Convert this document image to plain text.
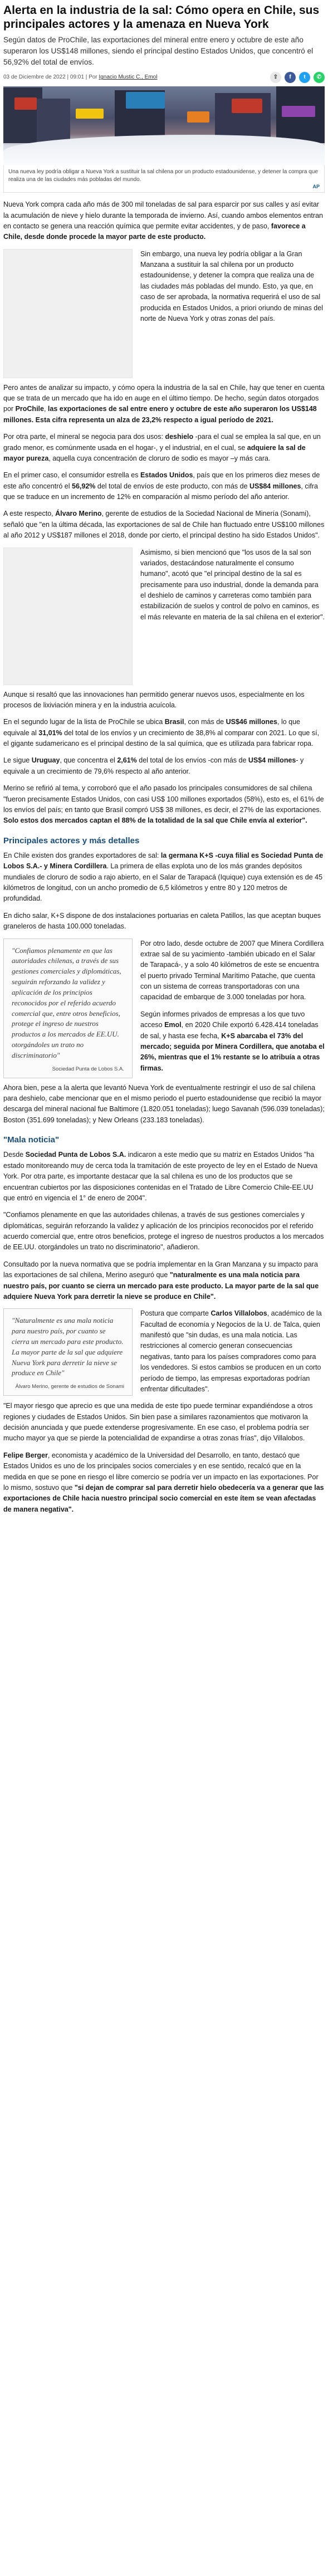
Alerta en la industria de la sal: Cómo opera en Chile, sus principales actores y la amenaza en Nueva York

Según datos de ProChile, las exportaciones del mineral entre enero y octubre de este año superaron los US$148 millones, siendo el principal destino Estados Unidos, que concentró el 56,92% del total de envíos.

03 de Diciembre de 2022 | 09:01 | Por Ignacio Mustic C., Emol	⇪	f	t	✆
Una nueva ley podría obligar a Nueva York a sustituir la sal chilena por un producto estadounidense, y detener la compra que realiza una de las ciudades más pobladas del mundo.
AP

Nueva York compra cada año más de 300 mil toneladas de sal para esparcir por sus calles y así evitar la acumulación de nieve y hielo durante la temporada de invierno. Así, cuando ambos elementos entran en contacto se genera una reacción química que permite evitar accidentes, y de paso, favorece a Chile, desde donde procede la mayor parte de este producto.

Sin embargo, una nueva ley podría obligar a la Gran Manzana a sustituir la sal chilena por un producto estadounidense, y detener la compra que realiza una de las ciudades más pobladas del mundo. Esto, ya que, en caso de ser aprobada, la normativa requerirá el uso de sal producida en Estados Unidos, a priori oriundo de minas del norte de Nueva York y otras zonas del país.

Pero antes de analizar su impacto, y cómo opera la industria de la sal en Chile, hay que tener en cuenta que se trata de un mercado que ha ido en auge en el último tiempo. De hecho, según datos otorgados por ProChile, las exportaciones de sal entre enero y octubre de este año superaron los US$148 millones. Esta cifra representa un alza de 23,2% respecto a igual período de 2021.

Por otra parte, el mineral se negocia para dos usos: deshielo -para el cual se emplea la sal que, en un grado menor, es comúnmente usada en el hogar-, y el industrial, en el cual, se adquiere la sal de mayor pureza, aquella cuya concentración de cloruro de sodio es mayor –y más cara.

En el primer caso, el consumidor estrella es Estados Unidos, país que en los primeros diez meses de este año concentró el 56,92% del total de envíos de este producto, con más de US$84 millones, cifra que se traduce en un incremento de 12% en comparación al mismo período del año anterior.

A este respecto, Álvaro Merino, gerente de estudios de la Sociedad Nacional de Minería (Sonami), señaló que "en la última década, las exportaciones de sal de Chile han fluctuado entre US$100 millones al año 2012 y US$187 millones el 2018, donde por cierto, el principal destino ha sido Estados Unidos".

Asimismo, si bien mencionó que "los usos de la sal son variados, destacándose naturalmente el consumo humano", acotó que "el principal destino de la sal es precisamente para uso industrial, donde la demanda para el deshielo de caminos y carreteras como también para estabilización de suelos y control de polvo en caminos, es el más relevante en materia de la sal chilena en el exterior".

Aunque si resaltó que las innovaciones han permitido generar nuevos usos, especialmente en los procesos de lixiviación minera y en la industria acuícola.

En el segundo lugar de la lista de ProChile se ubica Brasil, con más de US$46 millones, lo que equivale al 31,01% del total de los envíos y un crecimiento de 38,8% al comparar con 2021. Lo que sí, el gigante sudamericano es el principal destino de la sal química, que es utilizada para fabricar ropa.

Le sigue Uruguay, que concentra el 2,61% del total de los envíos -con más de US$4 millones- y equivale a un crecimiento de 79,6% respecto al año anterior.

Merino se refirió al tema, y corroboró que el año pasado los principales consumidores de sal chilena "fueron precisamente Estados Unidos, con casi US$ 100 millones exportados (58%), esto es, el 61% de los envíos del país; en tanto que Brasil compró US$ 38 millones, es decir, el 27% de las exportaciones. Solo estos dos mercados captan el 88% de la totalidad de la sal que Chile envía al exterior".

Principales actores y más detalles

En Chile existen dos grandes exportadores de sal: la germana K+S -cuya filial es Sociedad Punta de Lobos S.A.- y Minera Cordillera. La primera de ellas explota uno de los más grandes depósitos mundiales de cloruro de sodio a rajo abierto, en el Salar de Tarapacá (Iquique) cuya extensión es de 45 kilómetros de longitud, con un ancho promedio de 6,5 kilómetros y entre 80 y 120 metros de profundidad.

En dicho salar, K+S dispone de dos instalaciones portuarias en caleta Patillos, las que aceptan buques graneleros de hasta 100.000 toneladas.

"Confiamos plenamente en que las autoridades chilenas, a través de sus gestiones comerciales y diplomáticas, seguirán reforzando la validez y aplicación de los principios reconocidos por el referido acuerdo comercial que, entre otros beneficios, protege el ingreso de nuestros productos a los mercados de EE.UU. otorgándoles un trato no discriminatorio"
Sociedad Punta de Lobos S.A.

Por otro lado, desde octubre de 2007 que Minera Cordillera extrae sal de su yacimiento -también ubicado en el Salar de Tarapacá-, y a solo 40 kilómetros de este se encuentra el puerto privado Terminal Marítimo Patache, que cuenta con un sistema de correas transportadoras con una capacidad de embarque de 3.000 toneladas por hora.

Según informes privados de empresas a los que tuvo acceso Emol, en 2020 Chile exportó 6.428.414 toneladas de sal, y hasta ese fecha, K+S abarcaba el 73% del mercado; seguida por Minera Cordillera, que anotaba el 26%, mientras que el 1% restante se lo atribuía a otras firmas.

Ahora bien, pese a la alerta que levantó Nueva York de eventualmente restringir el uso de sal chilena para deshielo, cabe mencionar que en el mismo periodo el puerto estadounidense que recibió la mayor descarga del mineral nacional fue Baltimore (1.820.051 toneladas); luego Savanah (596.039 toneladas); Boston (351.699 toneladas); y New Orleans (233.183 toneladas).

"Mala noticia"

Desde Sociedad Punta de Lobos S.A. indicaron a este medio que su matriz en Estados Unidos "ha estado monitoreando muy de cerca toda la tramitación de este proyecto de ley en el Estado de Nueva York. Por otra parte, es importante destacar que la sal chilena es uno de los productos que se encuentran cubiertos por las disposiciones contenidas en el Tratado de Libre Comercio Chile-EE.UU que entró en vigencia el 1° de enero de 2004".

"Confiamos plenamente en que las autoridades chilenas, a través de sus gestiones comerciales y diplomáticas, seguirán reforzando la validez y aplicación de los principios reconocidos por el referido acuerdo comercial que, entre otros beneficios, protege el ingreso de nuestros productos a los mercados de EE.UU. otorgándoles un trato no discriminatorio", añadieron.

Consultado por la nueva normativa que se podría implementar en la Gran Manzana y su impacto para las exportaciones de sal chilena, Merino aseguró que "naturalmente es una mala noticia para nuestro país, por cuanto se cierra un mercado para este producto. La mayor parte de la sal que adquiere Nueva York para derretir la nieve se produce en Chile".

"Naturalmente es una mala noticia para nuestro país, por cuanto se cierra un mercado para este producto. La mayor parte de la sal que adquiere Nueva York para derretir la nieve se produce en Chile"
Álvaro Merino, gerente de estudios de Sonami

Postura que comparte Carlos Villalobos, académico de la Facultad de economía y Negocios de la U. de Talca, quien manifestó que "sin dudas, es una mala noticia. Las restricciones al comercio generan consecuencias negativas, tanto para los países compradores como para los vendedores. Si estos cambios se producen en un corto período de tiempo, las empresas exportadoras podrían enfrentar dificultades".

"El mayor riesgo que aprecio es que una medida de este tipo puede terminar expandiéndose a otros regiones y ciudades de Estados Unidos. Sin bien pase a similares razonamientos que motivaron la decisión anunciada y que puede extenderse progresivamente. En ese caso, el problema podría ser mucho mayor ya que se pierde la potencialidad de expandirse a otras zonas frías", dijo Villalobos.

Felipe Berger, economista y académico de la Universidad del Desarrollo, en tanto, destacó que Estados Unidos es uno de los principales socios comerciales y en ese sentido, recalcó que en la medida en que se pone en riesgo el libre comercio se podría ver un impacto en las exportaciones. Por lo mismo, sostuvo que "si dejan de comprar sal para derretir hielo obedecería va a generar que las exportaciones de Chile hacia nuestro principal socio comercial en este ítem se vean afectadas de manera negativa".
